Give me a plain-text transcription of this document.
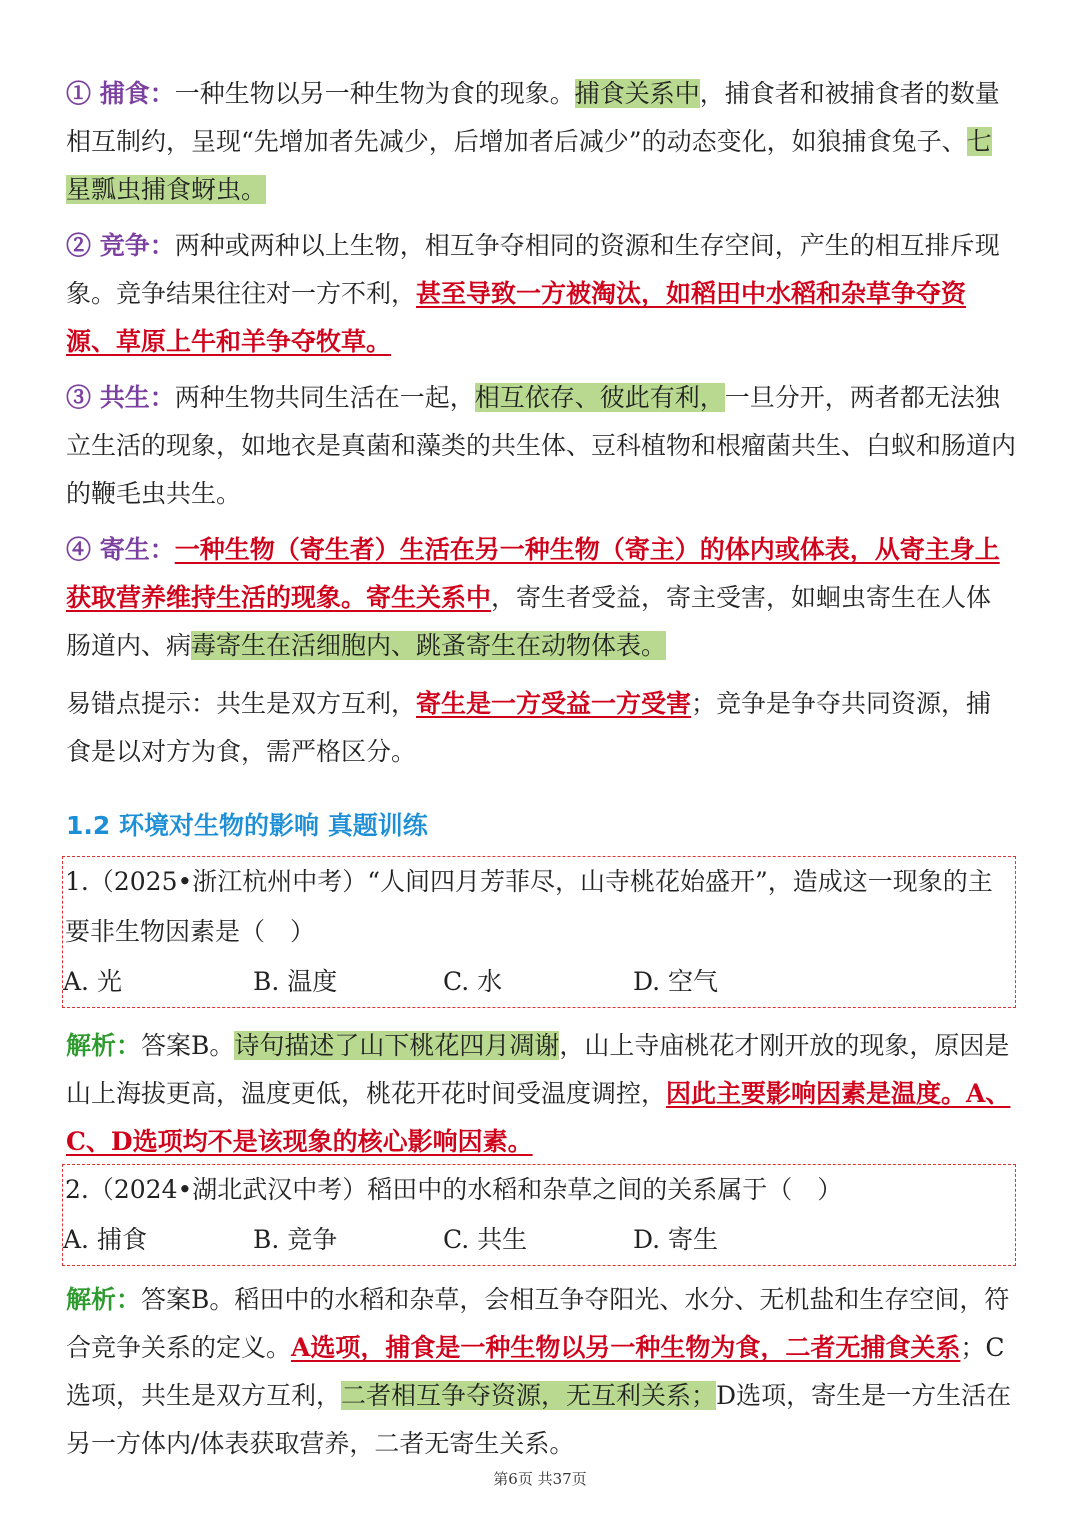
① 捕食：一种生物以另一种生物为食的现象。捕食关系中，捕食者和被捕食者的数量相互制约，呈现“先增加者先减少，后增加者后减少”的动态变化，如狼捕食兔子、七星瓢虫捕食蚜虫。
② 竞争：两种或两种以上生物，相互争夺相同的资源和生存空间，产生的相互排斥现象。竞争结果往往对一方不利，甚至导致一方被淘汰，如稻田中水稻和杂草争夺资源、草原上牛和羊争夺牧草。
③ 共生：两种生物共同生活在一起，相互依存、彼此有利，一旦分开，两者都无法独立生活的现象，如地衣是真菌和藻类的共生体、豆科植物和根瘤菌共生、白蚁和肠道内的鞭毛虫共生。
④ 寄生：一种生物（寄生者）生活在另一种生物（寄主）的体内或体表，从寄主身上获取营养维持生活的现象。寄生关系中，寄生者受益，寄主受害，如蛔虫寄生在人体肠道内、病毒寄生在活细胞内、跳蚤寄生在动物体表。
易错点提示：共生是双方互利，寄生是一方受益一方受害；竞争是争夺共同资源，捕食是以对方为食，需严格区分。
1.2 环境对生物的影响 真题训练
1.（2025•浙江杭州中考）“人间四月芳菲尽，山寺桃花始盛开”，造成这一现象的主要非生物因素是（　）
A. 光	B. 温度	C. 水	D. 空气
解析：答案B。诗句描述了山下桃花四月凋谢，山上寺庙桃花才刚开放的现象，原因是山上海拔更高，温度更低，桃花开花时间受温度调控，因此主要影响因素是温度。A、C、D选项均不是该现象的核心影响因素。
2.（2024•湖北武汉中考）稻田中的水稻和杂草之间的关系属于（　）
A. 捕食	B. 竞争	C. 共生	D. 寄生
解析：答案B。稻田中的水稻和杂草，会相互争夺阳光、水分、无机盐和生存空间，符合竞争关系的定义。A选项，捕食是一种生物以另一种生物为食，二者无捕食关系；C选项，共生是双方互利，二者相互争夺资源，无互利关系；D选项，寄生是一方生活在另一方体内/体表获取营养，二者无寄生关系。
第6页 共37页
